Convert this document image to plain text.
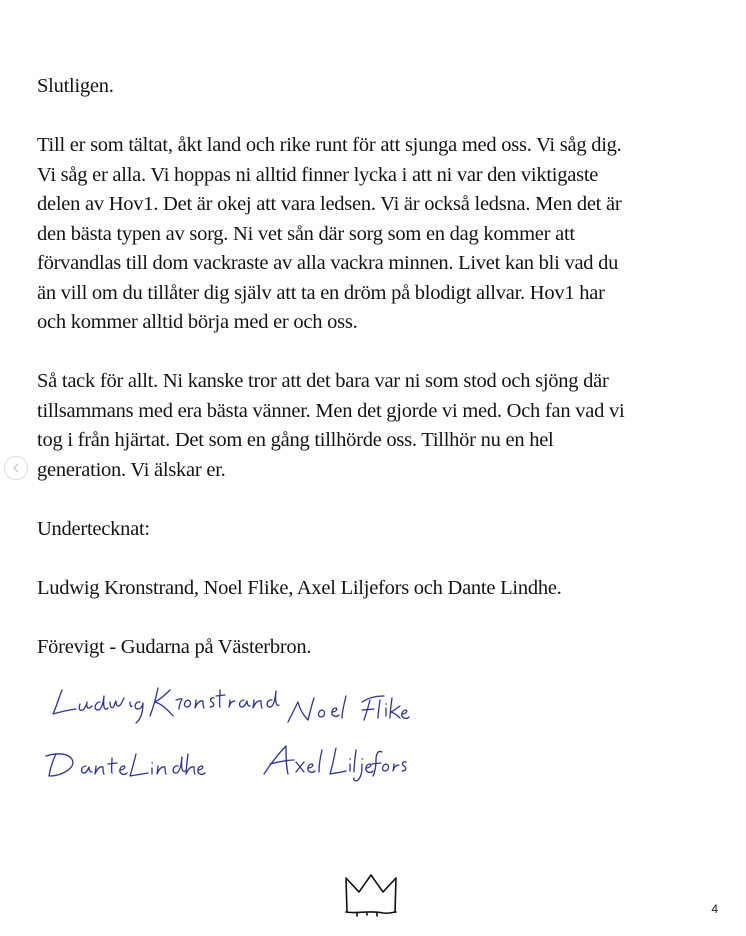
Slutligen.

Till er som tältat, åkt land och rike runt för att sjunga med oss. Vi såg dig.
Vi såg er alla. Vi hoppas ni alltid finner lycka i att ni var den viktigaste
delen av Hov1. Det är okej att vara ledsen. Vi är också ledsna. Men det är
den bästa typen av sorg. Ni vet sån där sorg som en dag kommer att
förvandlas till dom vackraste av alla vackra minnen. Livet kan bli vad du
än vill om du tillåter dig själv att ta en dröm på blodigt allvar. Hov1 har
och kommer alltid börja med er och oss.

Så tack för allt. Ni kanske tror att det bara var ni som stod och sjöng där
tillsammans med era bästa vänner. Men det gjorde vi med. Och fan vad vi
tog i från hjärtat. Det som en gång tillhörde oss. Tillhör nu en hel
generation. Vi älskar er.

Undertecknat:

Ludwig Kronstrand, Noel Flike, Axel Liljefors och Dante Lindhe.

Förevigt - Gudarna på Västerbron.

4
